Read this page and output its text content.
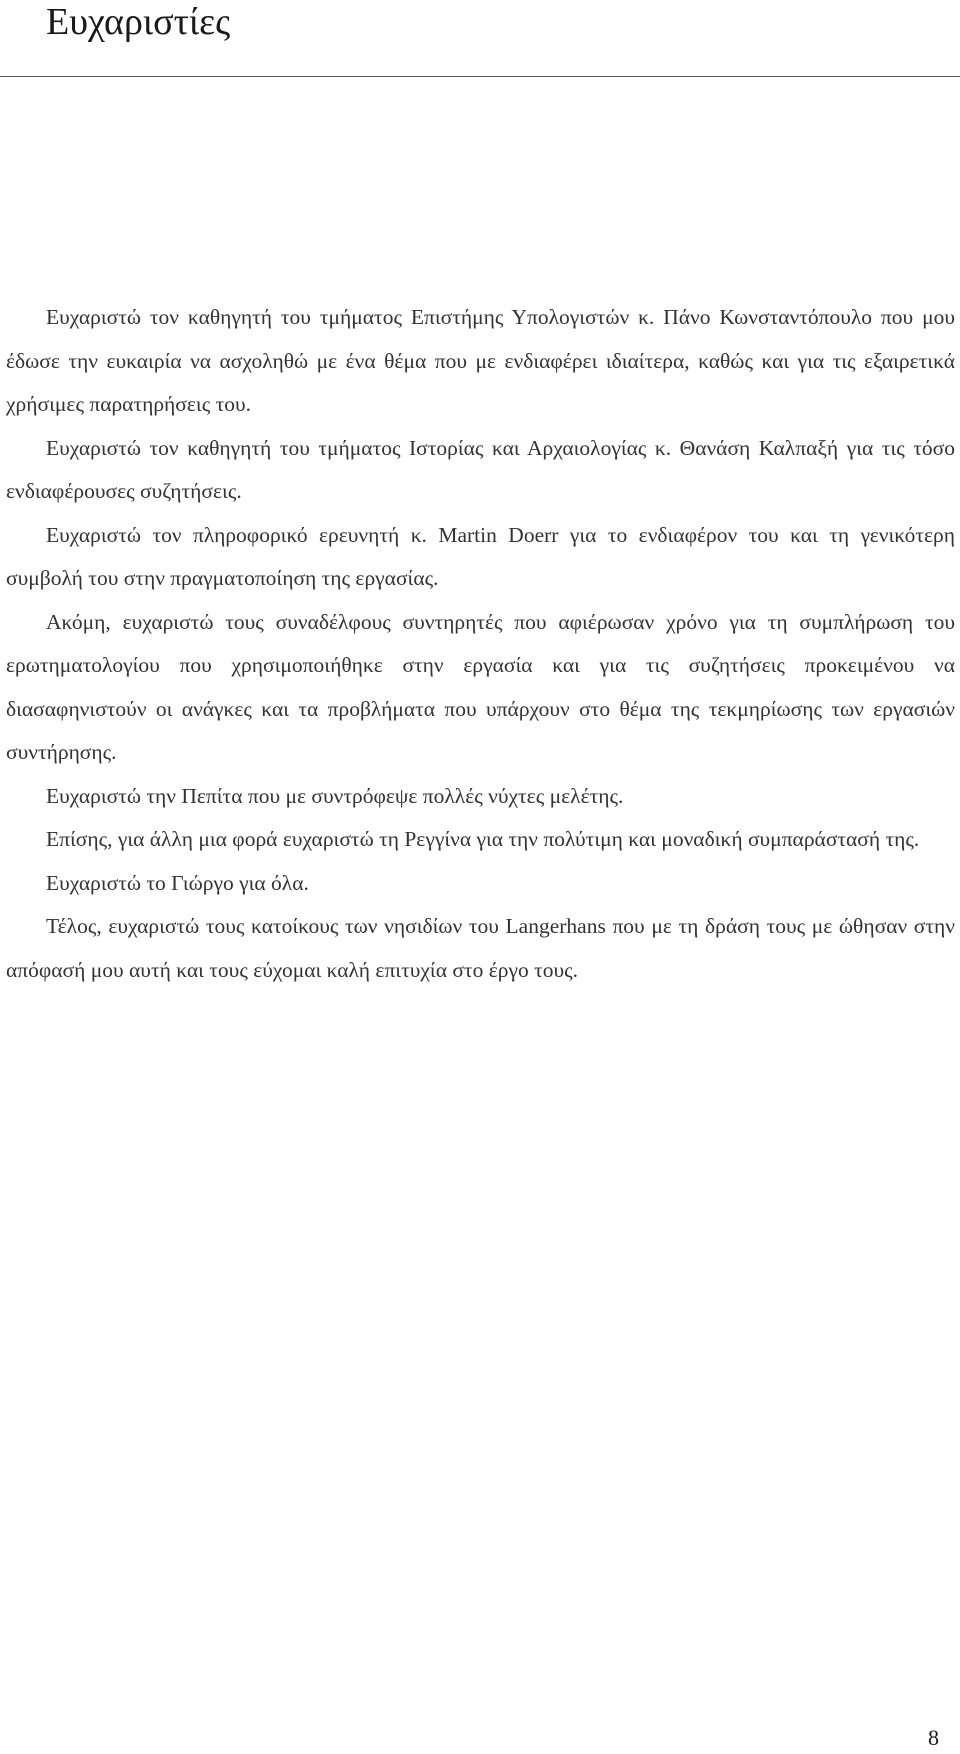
Ευχαριστίες

Ευχαριστώ τον καθηγητή του τμήματος Επιστήμης Υπολογιστών κ. Πάνο Κωνσταντόπουλο που μου έδωσε την ευκαιρία να ασχοληθώ με ένα θέμα που με ενδιαφέρει ιδιαίτερα, καθώς και για τις εξαιρετικά χρήσιμες παρατηρήσεις του.

Ευχαριστώ τον καθηγητή του τμήματος Ιστορίας και Αρχαιολογίας κ. Θανάση Καλπαξή για τις τόσο ενδιαφέρουσες συζητήσεις.

Ευχαριστώ τον πληροφορικό ερευνητή κ. Martin Doerr για το ενδιαφέρον του και τη γενικότερη συμβολή του στην πραγματοποίηση της εργασίας.

Ακόμη, ευχαριστώ τους συναδέλφους συντηρητές που αφιέρωσαν χρόνο για τη συμπλήρωση του ερωτηματολογίου που χρησιμοποιήθηκε στην εργασία και για τις συζητήσεις προκειμένου να διασαφηνιστούν οι ανάγκες και τα προβλήματα που υπάρχουν στο θέμα της τεκμηρίωσης των εργασιών συντήρησης.

Ευχαριστώ την Πεπίτα που με συντρόφεψε πολλές νύχτες μελέτης.

Επίσης, για άλλη μια φορά ευχαριστώ τη Ρεγγίνα για την πολύτιμη και μοναδική συμπαράστασή της.

Ευχαριστώ το Γιώργο για όλα.

Τέλος, ευχαριστώ τους κατοίκους των νησιδίων του Langerhans που με τη δράση τους με ώθησαν στην απόφασή μου αυτή και τους εύχομαι καλή επιτυχία στο έργο τους.

8
